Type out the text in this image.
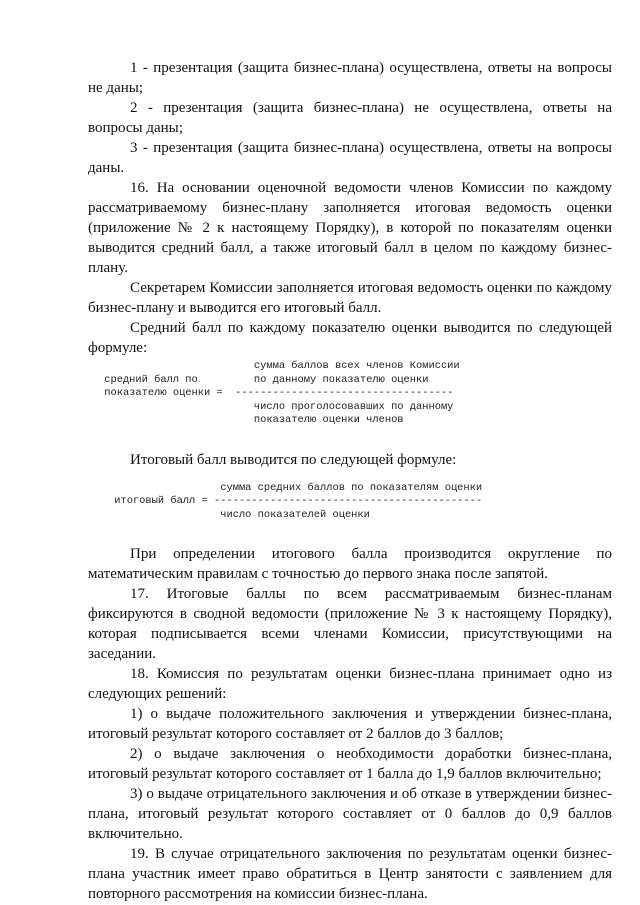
1 - презентация (защита бизнес-плана) осуществлена, ответы на вопросы не даны;

2 - презентация (защита бизнес-плана) не осуществлена, ответы на вопросы даны;

3 - презентация (защита бизнес-плана) осуществлена, ответы на вопросы даны.

16. На основании оценочной ведомости членов Комиссии по каждому рассматриваемому бизнес-плану заполняется итоговая ведомость оценки (приложение № 2 к настоящему Порядку), в которой по показателям оценки выводится средний балл, а также итоговый балл в целом по каждому бизнес-плану.

Секретарем Комиссии заполняется итоговая ведомость оценки по каждому бизнес-плану и выводится его итоговый балл.

Средний балл по каждому показателю оценки выводится по следующей формуле:

сумма баллов всех членов Комиссии
средний балл по         по данному показателю оценки
показателю оценки =  -----------------------------------
число проголосовавших по данному
показателю оценки членов

Итоговый балл выводится по следующей формуле:

сумма средних баллов по показателям оценки
итоговый балл = -------------------------------------------
число показателей оценки

При определении итогового балла производится округление по математическим правилам с точностью до первого знака после запятой.

17. Итоговые баллы по всем рассматриваемым бизнес-планам фиксируются в сводной ведомости (приложение № 3 к настоящему Порядку), которая подписывается всеми членами Комиссии, присутствующими на заседании.

18. Комиссия по результатам оценки бизнес-плана принимает одно из следующих решений:

1) о выдаче положительного заключения и утверждении бизнес-плана, итоговый результат которого составляет от 2 баллов до 3 баллов;

2) о выдаче заключения о необходимости доработки бизнес-плана, итоговый результат которого составляет от 1 балла до 1,9 баллов включительно;

3) о выдаче отрицательного заключения и об отказе в утверждении бизнес-плана, итоговый результат которого составляет от 0 баллов до 0,9 баллов включительно.

19. В случае отрицательного заключения по результатам оценки бизнес-плана участник имеет право обратиться в Центр занятости с заявлением для повторного рассмотрения на комиссии бизнес-плана.
